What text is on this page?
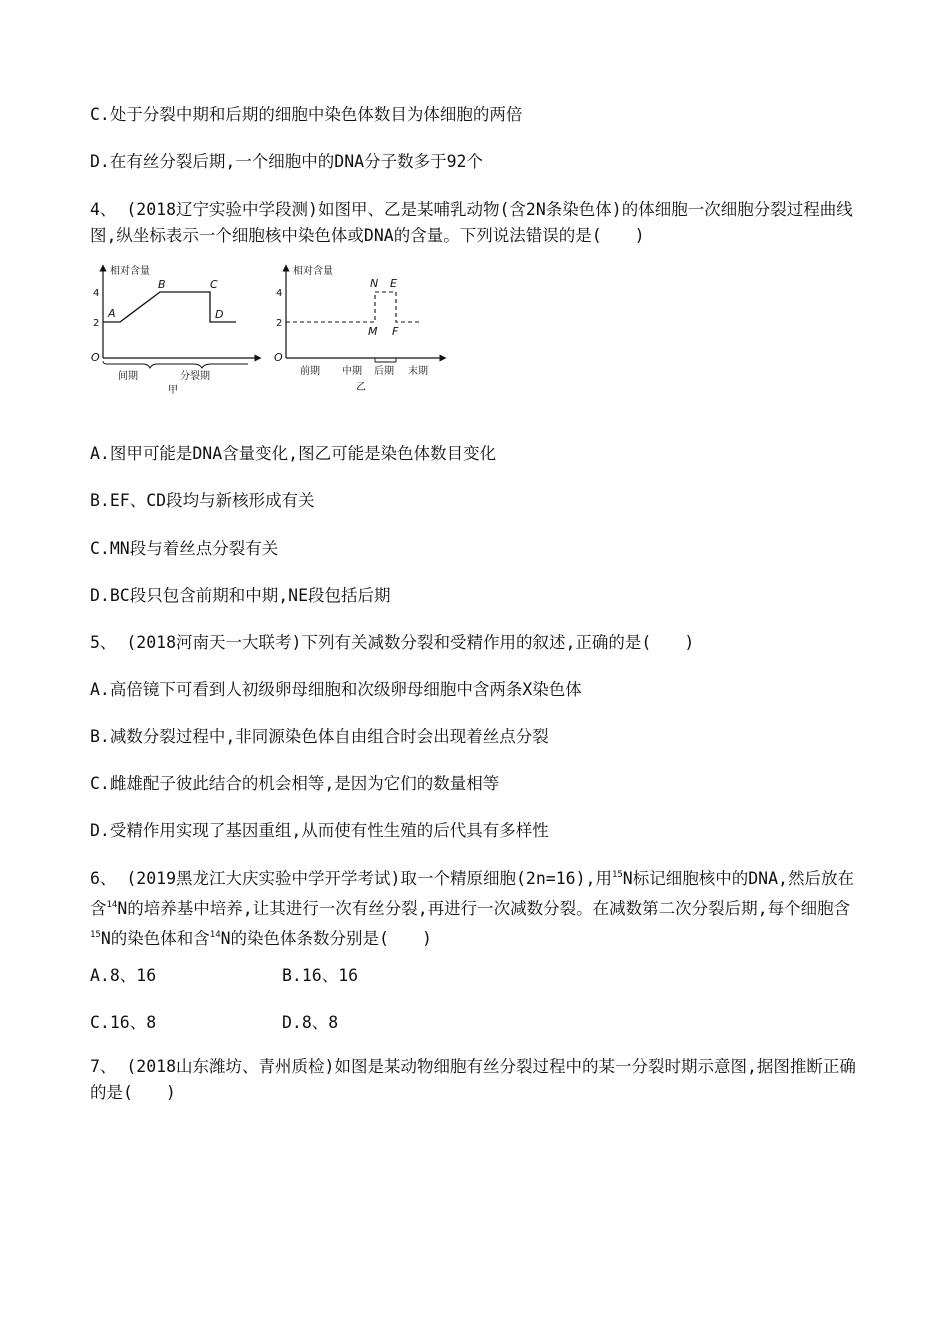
C.处于分裂中期和后期的细胞中染色体数目为体细胞的两倍
D.在有丝分裂后期,一个细胞中的DNA分子数多于92个
4、 (2018辽宁实验中学段测)如图甲、乙是某哺乳动物(含2N条染色体)的体细胞一次细胞分裂过程曲线图,纵坐标表示一个细胞核中染色体或DNA的含量。下列说法错误的是(　　)
相对含量
O
4
2
A
B	C
D
间期	分裂期
甲
相对含量
O
4
2
N E
M F
前期 中期 后期 末期
乙
A.图甲可能是DNA含量变化,图乙可能是染色体数目变化
B.EF、CD段均与新核形成有关
C.MN段与着丝点分裂有关
D.BC段只包含前期和中期,NE段包括后期
5、 (2018河南天一大联考)下列有关减数分裂和受精作用的叙述,正确的是(　　)
A.高倍镜下可看到人初级卵母细胞和次级卵母细胞中含两条X染色体
B.减数分裂过程中,非同源染色体自由组合时会出现着丝点分裂
C.雌雄配子彼此结合的机会相等,是因为它们的数量相等
D.受精作用实现了基因重组,从而使有性生殖的后代具有多样性
6、 (2019黑龙江大庆实验中学开学考试)取一个精原细胞(2n=16),用$^{15}$N标记细胞核中的DNA,然后放在含$^{14}$N的培养基中培养,让其进行一次有丝分裂,再进行一次减数分裂。在减数第二次分裂后期,每个细胞含$^{15}$N的染色体和含$^{14}$N的染色体条数分别是(　　)
A.8、16	B.16、16
C.16、8	D.8、8
7、 (2018山东潍坊、青州质检)如图是某动物细胞有丝分裂过程中的某一分裂时期示意图,据图推断正确的是(　　)
